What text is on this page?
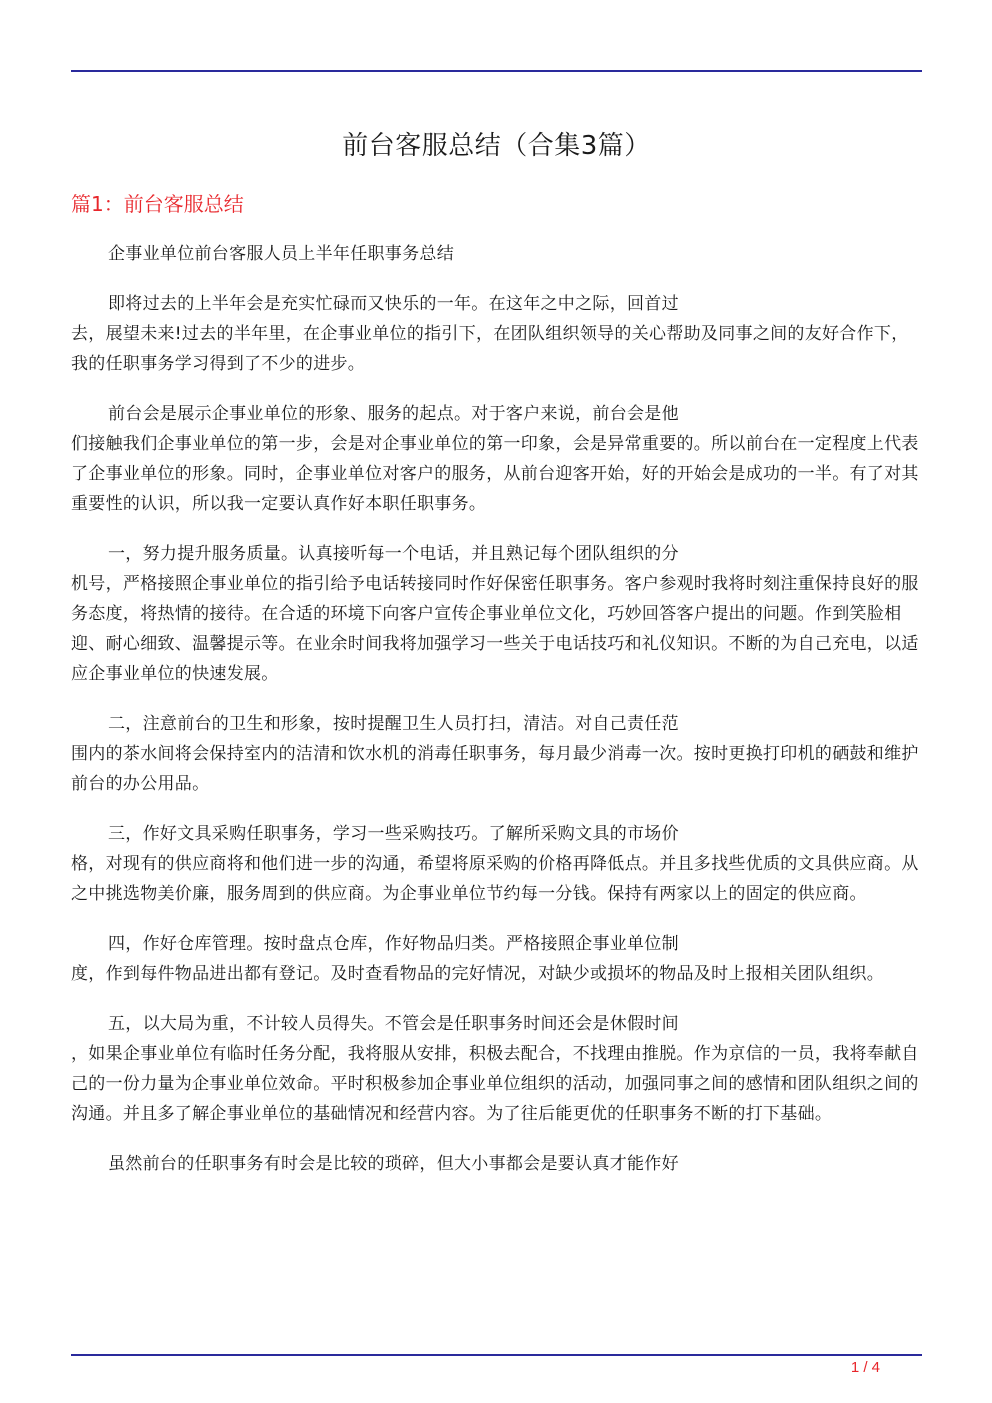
前台客服总结（合集3篇）
篇1：前台客服总结

企事业单位前台客服人员上半年任职事务总结

即将过去的上半年会是充实忙碌而又快乐的一年。在这年之中之际，回首过
去，展望未来!过去的半年里，在企事业单位的指引下，在团队组织领导的关心帮助及同事之间的友好合作下，我的任职事务学习得到了不少的进步。

前台会是展示企事业单位的形象、服务的起点。对于客户来说，前台会是他
们接触我们企事业单位的第一步，会是对企事业单位的第一印象，会是异常重要的。所以前台在一定程度上代表了企事业单位的形象。同时，企事业单位对客户的服务，从前台迎客开始，好的开始会是成功的一半。有了对其重要性的认识，所以我一定要认真作好本职任职事务。

一，努力提升服务质量。认真接听每一个电话，并且熟记每个团队组织的分
机号，严格接照企事业单位的指引给予电话转接同时作好保密任职事务。客户参观时我将时刻注重保持良好的服务态度，将热情的接待。在合适的环境下向客户宣传企事业单位文化，巧妙回答客户提出的问题。作到笑脸相迎、耐心细致、温馨提示等。在业余时间我将加强学习一些关于电话技巧和礼仪知识。不断的为自己充电，以适应企事业单位的快速发展。

二，注意前台的卫生和形象，按时提醒卫生人员打扫，清洁。对自己责任范
围内的茶水间将会保持室内的洁清和饮水机的消毒任职事务，每月最少消毒一次。按时更换打印机的硒鼓和维护前台的办公用品。

三，作好文具采购任职事务，学习一些采购技巧。了解所采购文具的市场价
格，对现有的供应商将和他们进一步的沟通，希望将原采购的价格再降低点。并且多找些优质的文具供应商。从之中挑选物美价廉，服务周到的供应商。为企事业单位节约每一分钱。保持有两家以上的固定的供应商。

四，作好仓库管理。按时盘点仓库，作好物品归类。严格接照企事业单位制
度，作到每件物品进出都有登记。及时查看物品的完好情况，对缺少或损坏的物品及时上报相关团队组织。

五，以大局为重，不计较人员得失。不管会是任职事务时间还会是休假时间
，如果企事业单位有临时任务分配，我将服从安排，积极去配合，不找理由推脱。作为京信的一员，我将奉献自己的一份力量为企事业单位效命。平时积极参加企事业单位组织的活动，加强同事之间的感情和团队组织之间的沟通。并且多了解企事业单位的基础情况和经营内容。为了往后能更优的任职事务不断的打下基础。

虽然前台的任职事务有时会是比较的琐碎，但大小事都会是要认真才能作好

1 / 4
